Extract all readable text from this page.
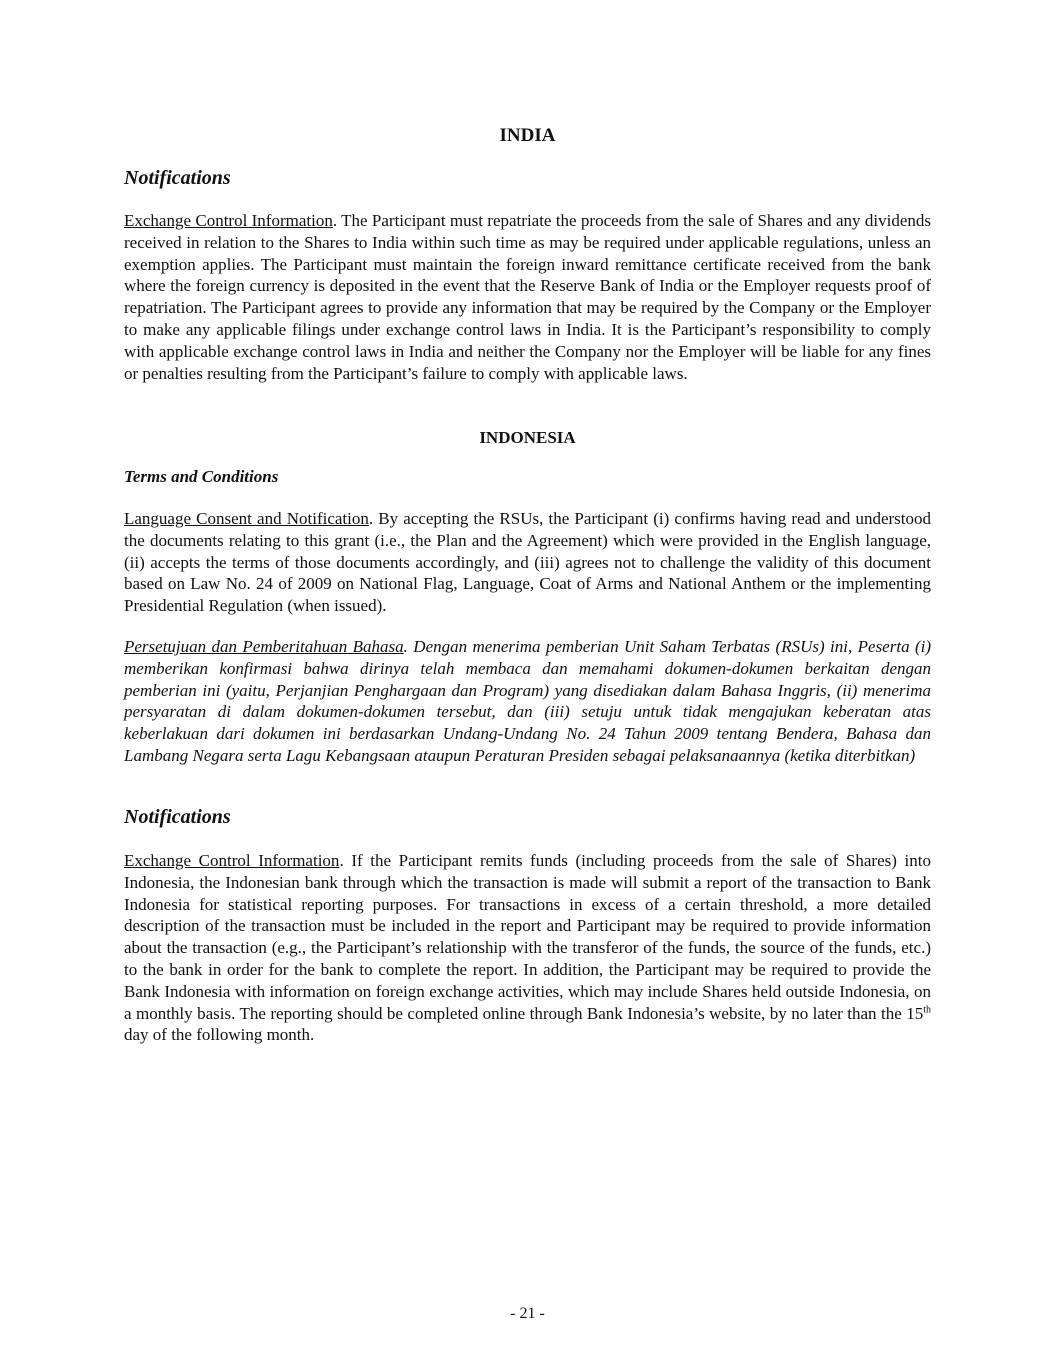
INDIA
Notifications

Exchange Control Information. The Participant must repatriate the proceeds from the sale of Shares and any dividends received in relation to the Shares to India within such time as may be required under applicable regulations, unless an exemption applies. The Participant must maintain the foreign inward remittance certificate received from the bank where the foreign currency is deposited in the event that the Reserve Bank of India or the Employer requests proof of repatriation. The Participant agrees to provide any information that may be required by the Company or the Employer to make any applicable filings under exchange control laws in India. It is the Participant’s responsibility to comply with applicable exchange control laws in India and neither the Company nor the Employer will be liable for any fines or penalties resulting from the Participant’s failure to comply with applicable laws.

INDONESIA
Terms and Conditions

Language Consent and Notification. By accepting the RSUs, the Participant (i) confirms having read and understood the documents relating to this grant (i.e., the Plan and the Agreement) which were provided in the English language, (ii) accepts the terms of those documents accordingly, and (iii) agrees not to challenge the validity of this document based on Law No. 24 of 2009 on National Flag, Language, Coat of Arms and National Anthem or the implementing Presidential Regulation (when issued).

Persetujuan dan Pemberitahuan Bahasa. Dengan menerima pemberian Unit Saham Terbatas (RSUs) ini, Peserta (i) memberikan konfirmasi bahwa dirinya telah membaca dan memahami dokumen-dokumen berkaitan dengan pemberian ini (yaitu, Perjanjian Penghargaan dan Program) yang disediakan dalam Bahasa Inggris, (ii) menerima persyaratan di dalam dokumen-dokumen tersebut, dan (iii) setuju untuk tidak mengajukan keberatan atas keberlakuan dari dokumen ini berdasarkan Undang-Undang No. 24 Tahun 2009 tentang Bendera, Bahasa dan Lambang Negara serta Lagu Kebangsaan ataupun Peraturan Presiden sebagai pelaksanaannya (ketika diterbitkan)

Notifications

Exchange Control Information. If the Participant remits funds (including proceeds from the sale of Shares) into Indonesia, the Indonesian bank through which the transaction is made will submit a report of the transaction to Bank Indonesia for statistical reporting purposes. For transactions in excess of a certain threshold, a more detailed description of the transaction must be included in the report and Participant may be required to provide information about the transaction (e.g., the Participant’s relationship with the transferor of the funds, the source of the funds, etc.) to the bank in order for the bank to complete the report. In addition, the Participant may be required to provide the Bank Indonesia with information on foreign exchange activities, which may include Shares held outside Indonesia, on a monthly basis. The reporting should be completed online through Bank Indonesia’s website, by no later than the 15th day of the following month.

- 21 -
